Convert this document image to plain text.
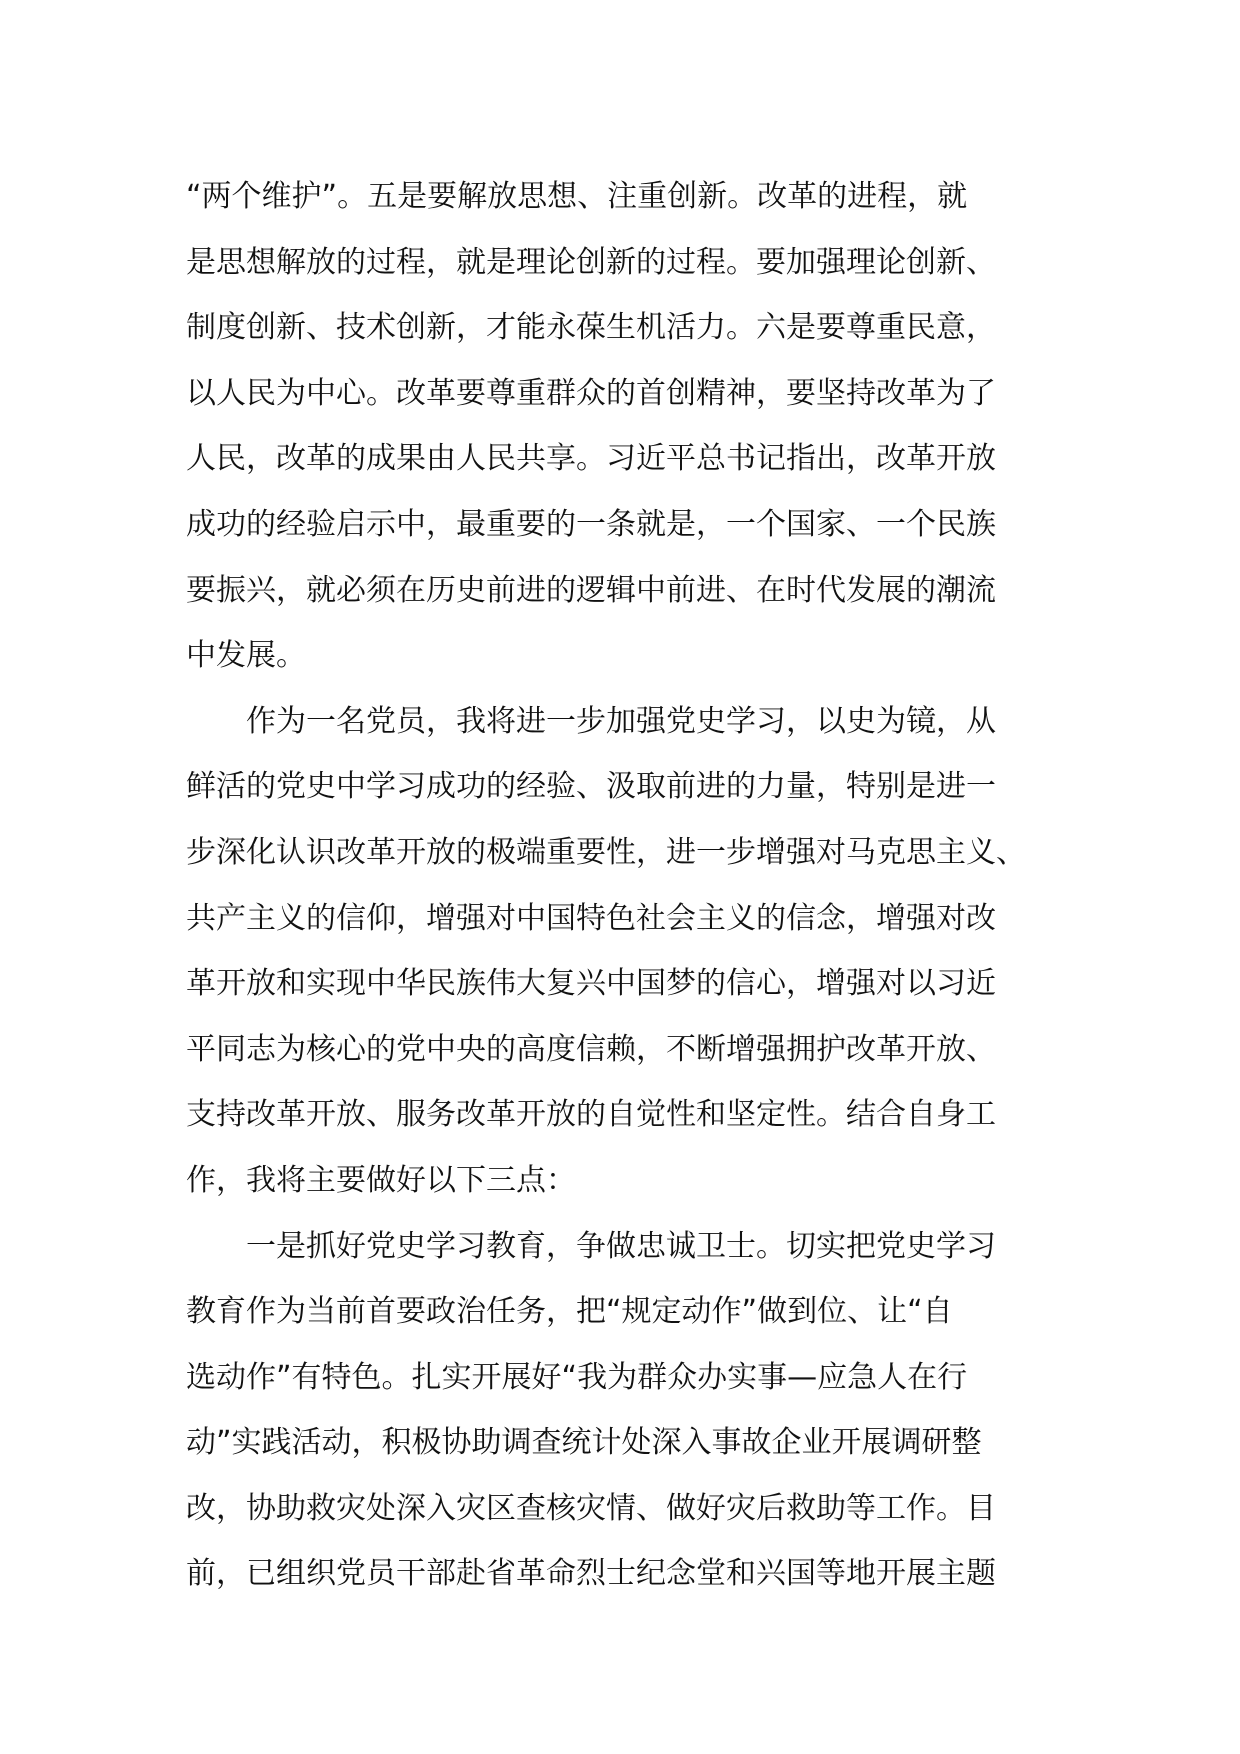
“两个维护”。五是要解放思想、注重创新。改革的进程，就
是思想解放的过程，就是理论创新的过程。要加强理论创新、
制度创新、技术创新，才能永葆生机活力。六是要尊重民意，
以人民为中心。改革要尊重群众的首创精神，要坚持改革为了
人民，改革的成果由人民共享。习近平总书记指出，改革开放
成功的经验启示中，最重要的一条就是，一个国家、一个民族
要振兴，就必须在历史前进的逻辑中前进、在时代发展的潮流
中发展。
作为一名党员，我将进一步加强党史学习，以史为镜，从
鲜活的党史中学习成功的经验、汲取前进的力量，特别是进一
步深化认识改革开放的极端重要性，进一步增强对马克思主义、
共产主义的信仰，增强对中国特色社会主义的信念，增强对改
革开放和实现中华民族伟大复兴中国梦的信心，增强对以习近
平同志为核心的党中央的高度信赖，不断增强拥护改革开放、
支持改革开放、服务改革开放的自觉性和坚定性。结合自身工
作，我将主要做好以下三点：
一是抓好党史学习教育，争做忠诚卫士。切实把党史学习
教育作为当前首要政治任务，把“规定动作”做到位、让“自
选动作”有特色。扎实开展好“我为群众办实事—应急人在行
动”实践活动，积极协助调查统计处深入事故企业开展调研整
改，协助救灾处深入灾区查核灾情、做好灾后救助等工作。目
前，已组织党员干部赴省革命烈士纪念堂和兴国等地开展主题
